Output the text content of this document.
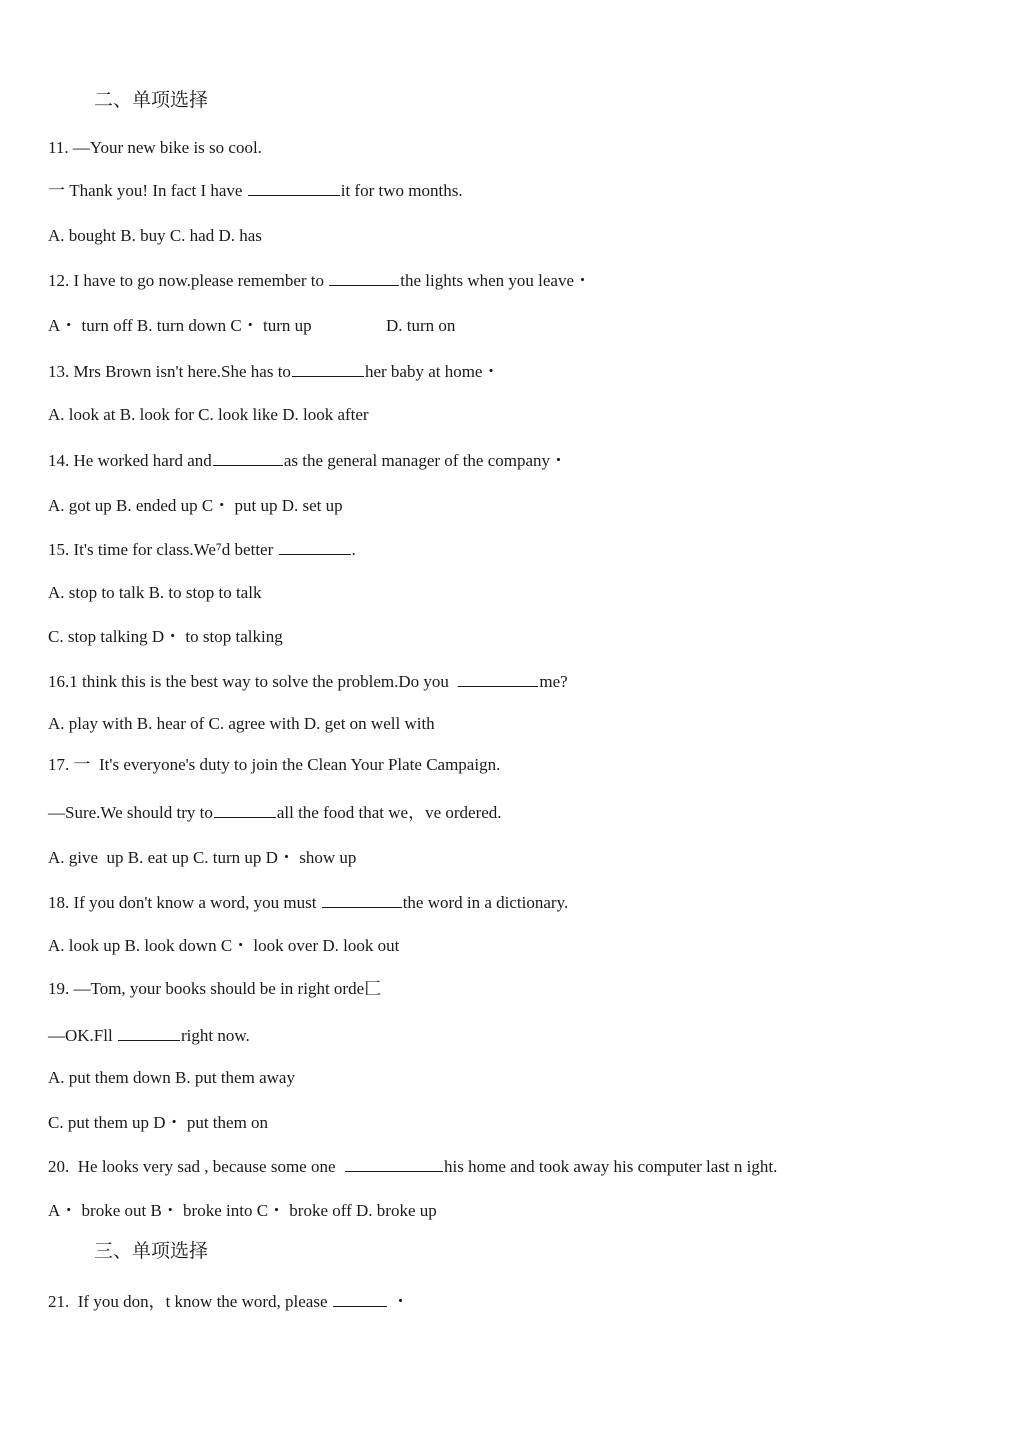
二、单项选择
11. —Your new bike is so cool.
一 Thank you! In fact I have	it for two months.
A. bought B. buy C. had D. has
12. I have to go now.please remember to	the lights when you leave・
A・ turn off B. turn down C・ turn up	D. turn on
13. Mrs Brown isn't here.She has to	her baby at home・
A. look at B. look for C. look like D. look after
14. He worked hard and	as the general manager of the company・
A. got up B. ended up C・ put up D. set up
15. It's time for class.We⁷d better	.
A. stop to talk B. to stop to talk
C. stop talking D・ to stop talking
16.1 think this is the best way to solve the problem.Do you	me?
A. play with B. hear of C. agree with D. get on well with
17. 一  It's everyone's duty to join the Clean Your Plate Campaign.
—Sure.We should try to	all the food that we，ve ordered.
A. give  up B. eat up C. turn up D・ show up
18. If you don't know a word, you must	the word in a dictionary.
A. look up B. look down C・ look over D. look out
19. —Tom, your books should be in right orde匚
—OK.Fll	right now.
A. put them down B. put them away
C. put them up D・ put them on
20.  He looks very sad , because some one	his home and took away his computer last n ight.
A・ broke out B・ broke into C・ broke off D. broke up
三、单项选择
21.  If you don，t know the word, please	・
